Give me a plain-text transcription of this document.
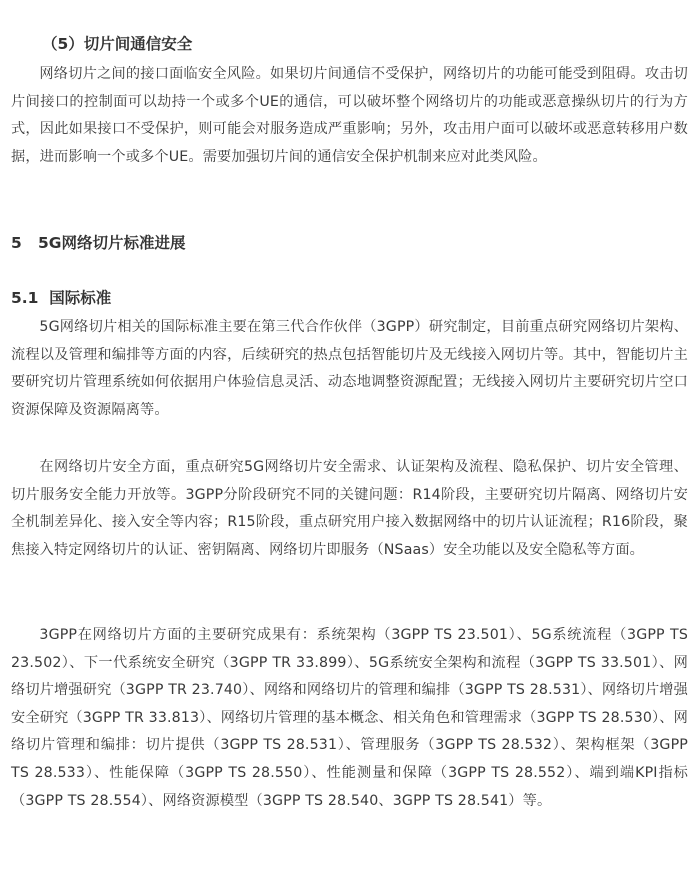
（5）切片间通信安全

网络切片之间的接口面临安全风险。如果切片间通信不受保护，网络切片的功能可能受到阻碍。攻击切片间接口的控制面可以劫持一个或多个UE的通信，可以破坏整个网络切片的功能或恶意操纵切片的行为方式，因此如果接口不受保护，则可能会对服务造成严重影响；另外，攻击用户面可以破坏或恶意转移用户数据，进而影响一个或多个UE。需要加强切片间的通信安全保护机制来应对此类风险。

5   5G网络切片标准进展
5.1  国际标准

5G网络切片相关的国际标准主要在第三代合作伙伴（3GPP）研究制定，目前重点研究网络切片架构、流程以及管理和编排等方面的内容，后续研究的热点包括智能切片及无线接入网切片等。其中，智能切片主要研究切片管理系统如何依据用户体验信息灵活、动态地调整资源配置；无线接入网切片主要研究切片空口资源保障及资源隔离等。

在网络切片安全方面，重点研究5G网络切片安全需求、认证架构及流程、隐私保护、切片安全管理、切片服务安全能力开放等。3GPP分阶段研究不同的关键问题：R14阶段，主要研究切片隔离、网络切片安全机制差异化、接入安全等内容；R15阶段，重点研究用户接入数据网络中的切片认证流程；R16阶段，聚焦接入特定网络切片的认证、密钥隔离、网络切片即服务（NSaas）安全功能以及安全隐私等方面。

3GPP在网络切片方面的主要研究成果有：系统架构（3GPP TS 23.501）、5G系统流程（3GPP TS 23.502）、下一代系统安全研究（3GPP TR 33.899）、5G系统安全架构和流程（3GPP TS 33.501）、网络切片增强研究（3GPP TR 23.740）、网络和网络切片的管理和编排（3GPP TS 28.531）、网络切片增强安全研究（3GPP TR 33.813）、网络切片管理的基本概念、相关角色和管理需求（3GPP TS 28.530）、网络切片管理和编排：切片提供（3GPP TS 28.531）、管理服务（3GPP TS 28.532）、架构框架（3GPP TS 28.533）、性能保障（3GPP TS 28.550）、性能测量和保障（3GPP TS 28.552）、端到端KPI指标（3GPP TS 28.554）、网络资源模型（3GPP TS 28.540、3GPP TS 28.541）等。
